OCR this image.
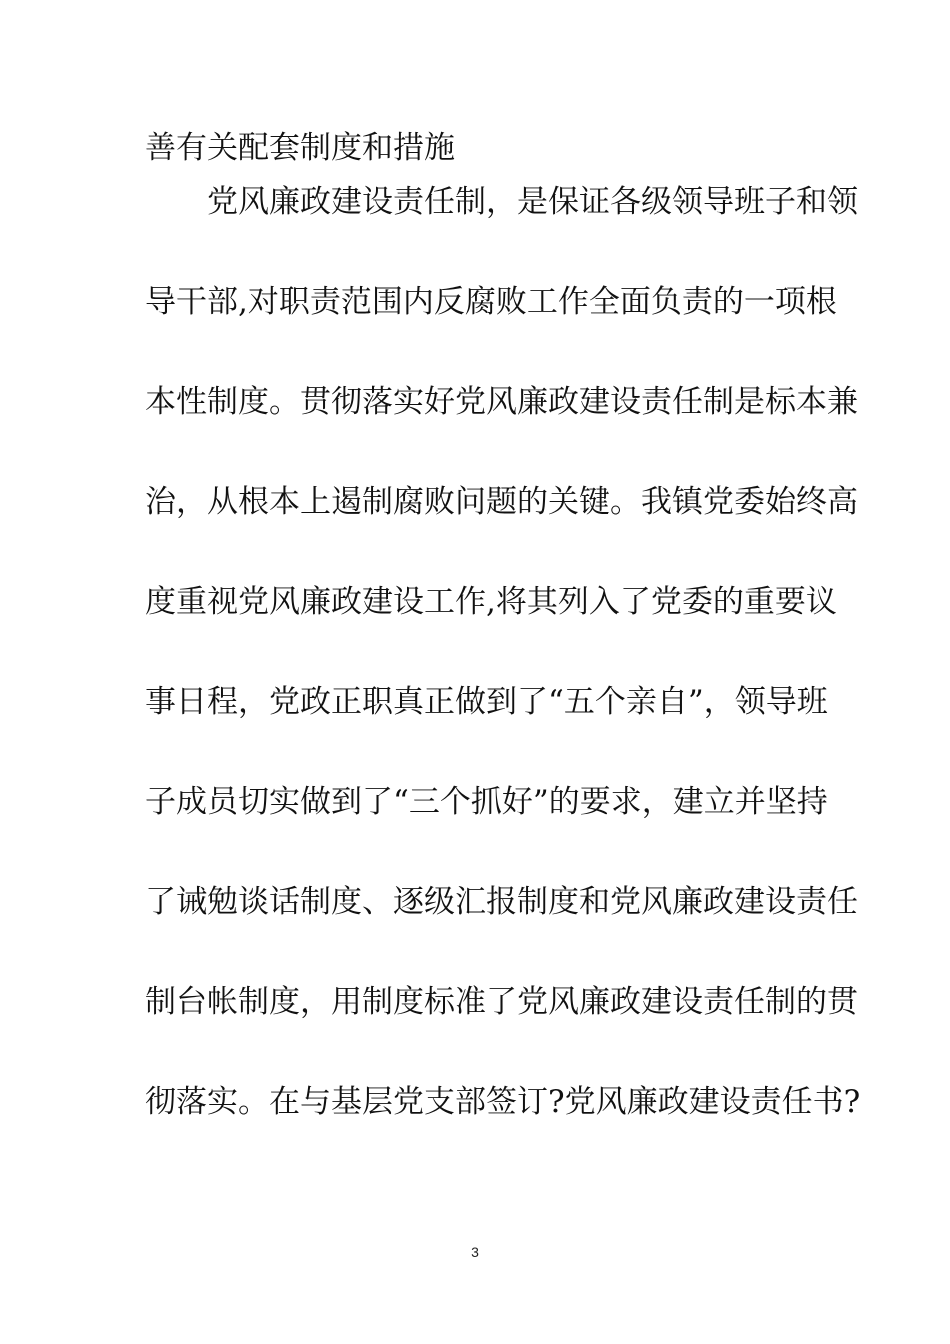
善有关配套制度和措施
　　党风廉政建设责任制，是保证各级领导班子和领
导干部,对职责范围内反腐败工作全面负责的一项根
本性制度。贯彻落实好党风廉政建设责任制是标本兼
治，从根本上遏制腐败问题的关键。我镇党委始终高
度重视党风廉政建设工作,将其列入了党委的重要议
事日程，党政正职真正做到了“五个亲自”，领导班
子成员切实做到了“三个抓好”的要求，建立并坚持
了诫勉谈话制度、逐级汇报制度和党风廉政建设责任
制台帐制度，用制度标准了党风廉政建设责任制的贯
彻落实。在与基层党支部签订?党风廉政建设责任书?
3
